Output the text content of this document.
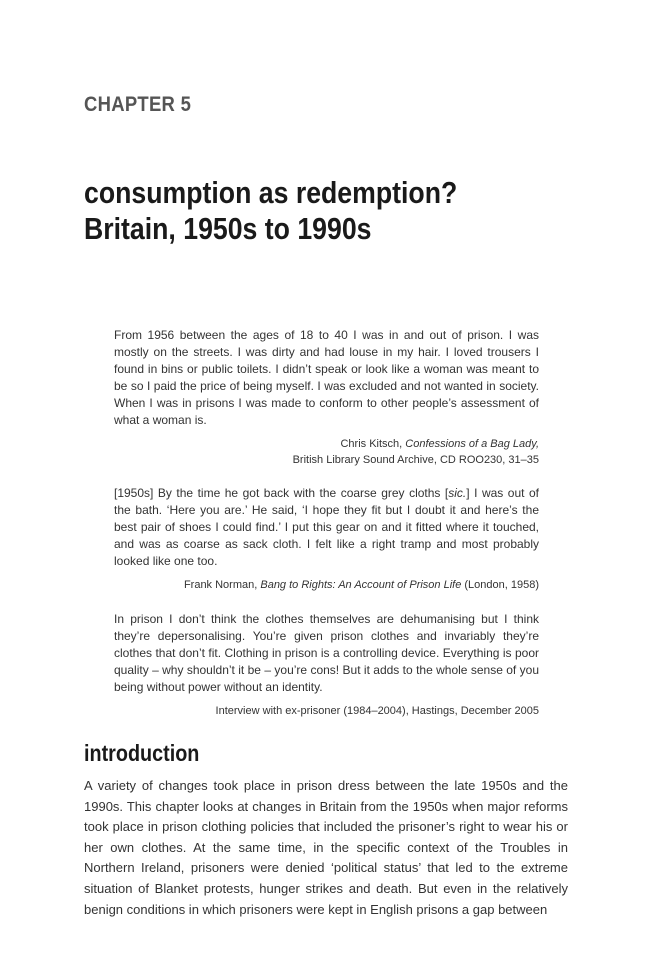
CHAPTER 5
consumption as redemption?
Britain, 1950s to 1990s

From 1956 between the ages of 18 to 40 I was in and out of prison. I was mostly on the streets. I was dirty and had louse in my hair. I loved trousers I found in bins or public toilets. I didn’t speak or look like a woman was meant to be so I paid the price of being myself. I was excluded and not wanted in society. When I was in prisons I was made to conform to other people’s assessment of what a woman is.

Chris Kitsch, Confessions of a Bag Lady,
British Library Sound Archive, CD ROO230, 31–35

[1950s] By the time he got back with the coarse grey cloths [sic.] I was out of the bath. ‘Here you are.’ He said, ‘I hope they fit but I doubt it and here’s the best pair of shoes I could find.’ I put this gear on and it fitted where it touched, and was as coarse as sack cloth. I felt like a right tramp and most probably looked like one too.

Frank Norman, Bang to Rights: An Account of Prison Life (London, 1958)

In prison I don’t think the clothes themselves are dehumanising but I think they’re depersonalising. You’re given prison clothes and invariably they’re clothes that don’t fit. Clothing in prison is a controlling device. Everything is poor quality – why shouldn’t it be – you’re cons! But it adds to the whole sense of you being without power without an identity.

Interview with ex-prisoner (1984–2004), Hastings, December 2005
introduction

A variety of changes took place in prison dress between the late 1950s and the 1990s. This chapter looks at changes in Britain from the 1950s when major reforms took place in prison clothing policies that included the prisoner’s right to wear his or her own clothes. At the same time, in the specific context of the Troubles in Northern Ireland, prisoners were denied ‘political status’ that led to the extreme situation of Blanket protests, hunger strikes and death. But even in the relatively benign conditions in which prisoners were kept in English prisons a gap between
